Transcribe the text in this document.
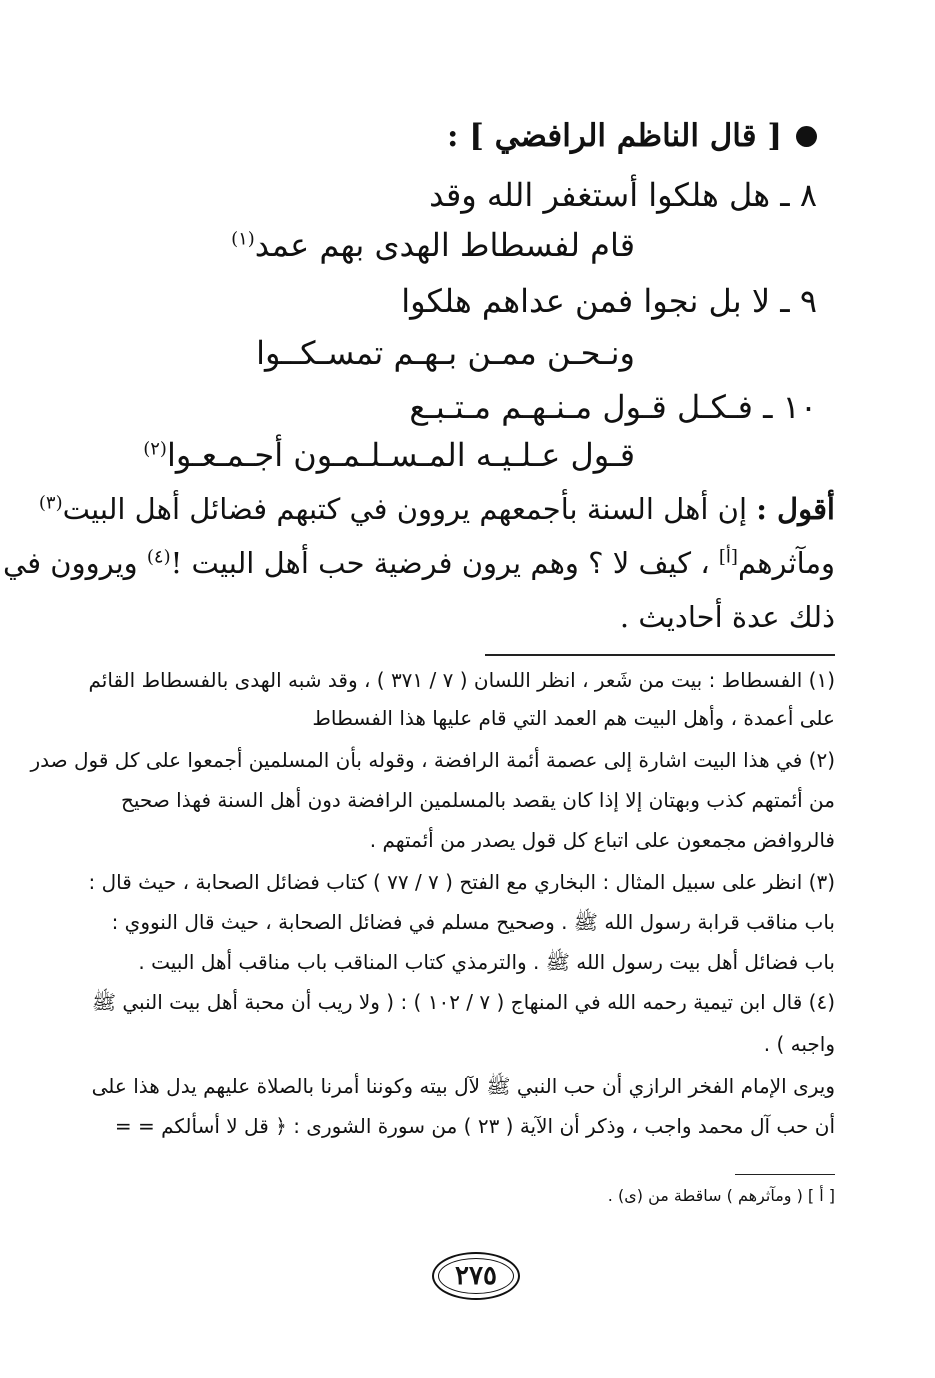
[ قال الناظم الرافضي ] :
٨ ـ هل هلكوا أستغفر الله وقد
قام لفسطاط الهدى بهم عمد$^{(١)}$
٩ ـ لا بل نجوا فمن عداهم هلكوا
ونـحـن ممـن بـهـم تمسـكــوا
١٠ ـ فـكـل قـول مـنـهـم مـتـبـع
قـول عـلـيـه المـسـلـمـون أجـمـعـوا$^{(٢)}$
أقول : إن أهل السنة بأجمعهم يروون في كتبهم فضائل أهل البيت$^{(٣)}$
ومآثرهم[أ] ، كيف لا ؟ وهم يرون فرضية حب أهل البيت !$^{(٤)}$ ويروون في
ذلك عدة أحاديث .
(١) الفسطاط : بيت من شَعر ، انظر اللسان ( ٧ / ٣٧١ ) ، وقد شبه الهدى بالفسطاط القائم
على أعمدة ، وأهل البيت هم العمد التي قام عليها هذا الفسطاط
(٢) في هذا البيت اشارة إلى عصمة أئمة الرافضة ، وقوله بأن المسلمين أجمعوا على كل قول صدر
من أئمتهم كذب وبهتان إلا إذا كان يقصد بالمسلمين الرافضة دون أهل السنة فهذا صحيح
فالروافض مجمعون على اتباع كل قول يصدر من أئمتهم .
(٣) انظر على سبيل المثال : البخاري مع الفتح ( ٧ / ٧٧ ) كتاب فضائل الصحابة ، حيث قال :
باب مناقب قرابة رسول الله ﷺ . وصحيح مسلم في فضائل الصحابة ، حيث قال النووي :
باب فضائل أهل بيت رسول الله ﷺ . والترمذي كتاب المناقب باب مناقب أهل البيت .
(٤) قال ابن تيمية رحمه الله في المنهاج ( ٧ / ١٠٢ ) : ( ولا ريب أن محبة أهل بيت النبي ﷺ
واجبه ) .
ويرى الإمام الفخر الرازي أن حب النبي ﷺ لآل بيته وكوننا أمرنا بالصلاة عليهم يدل هذا على
أن حب آل محمد واجب ، وذكر أن الآية ( ٢٣ ) من سورة الشورى : ﴿ قل لا أسألكم = =
[ أ ] ( ومآثرهم ) ساقطة من (ى) .
٢٧٥
